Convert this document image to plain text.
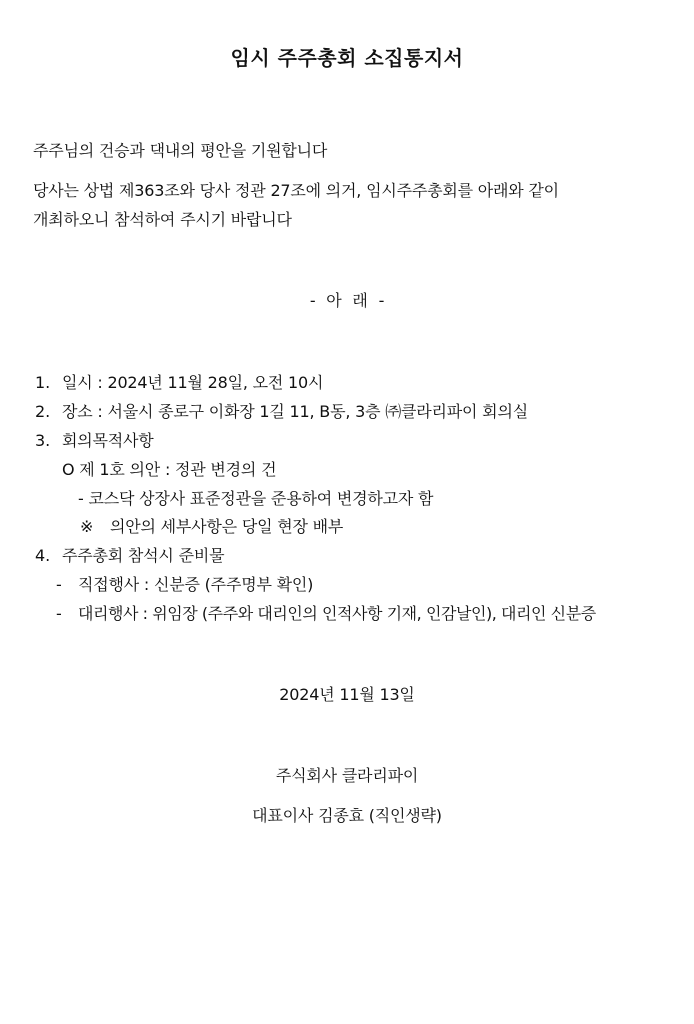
임시 주주총회 소집통지서
주주님의 건승과 댁내의 평안을 기원합니다
당사는 상법 제363조와 당사 정관 27조에 의거, 임시주주총회를 아래와 같이
개최하오니 참석하여 주시기 바랍니다
- 아 래 -
1. 일시 : 2024년 11월 28일, 오전 10시
2. 장소 : 서울시 종로구 이화장 1길 11, B동, 3층 ㈜클라리파이 회의실
3. 회의목적사항
O 제 1호 의안 : 정관 변경의 건
- 코스닥 상장사 표준정관을 준용하여 변경하고자 함
※ 의안의 세부사항은 당일 현장 배부
4. 주주총회 참석시 준비물
- 직접행사 : 신분증 (주주명부 확인)
- 대리행사 : 위임장 (주주와 대리인의 인적사항 기재, 인감날인), 대리인 신분증
2024년 11월 13일
주식회사 클라리파이
대표이사 김종효 (직인생략)
